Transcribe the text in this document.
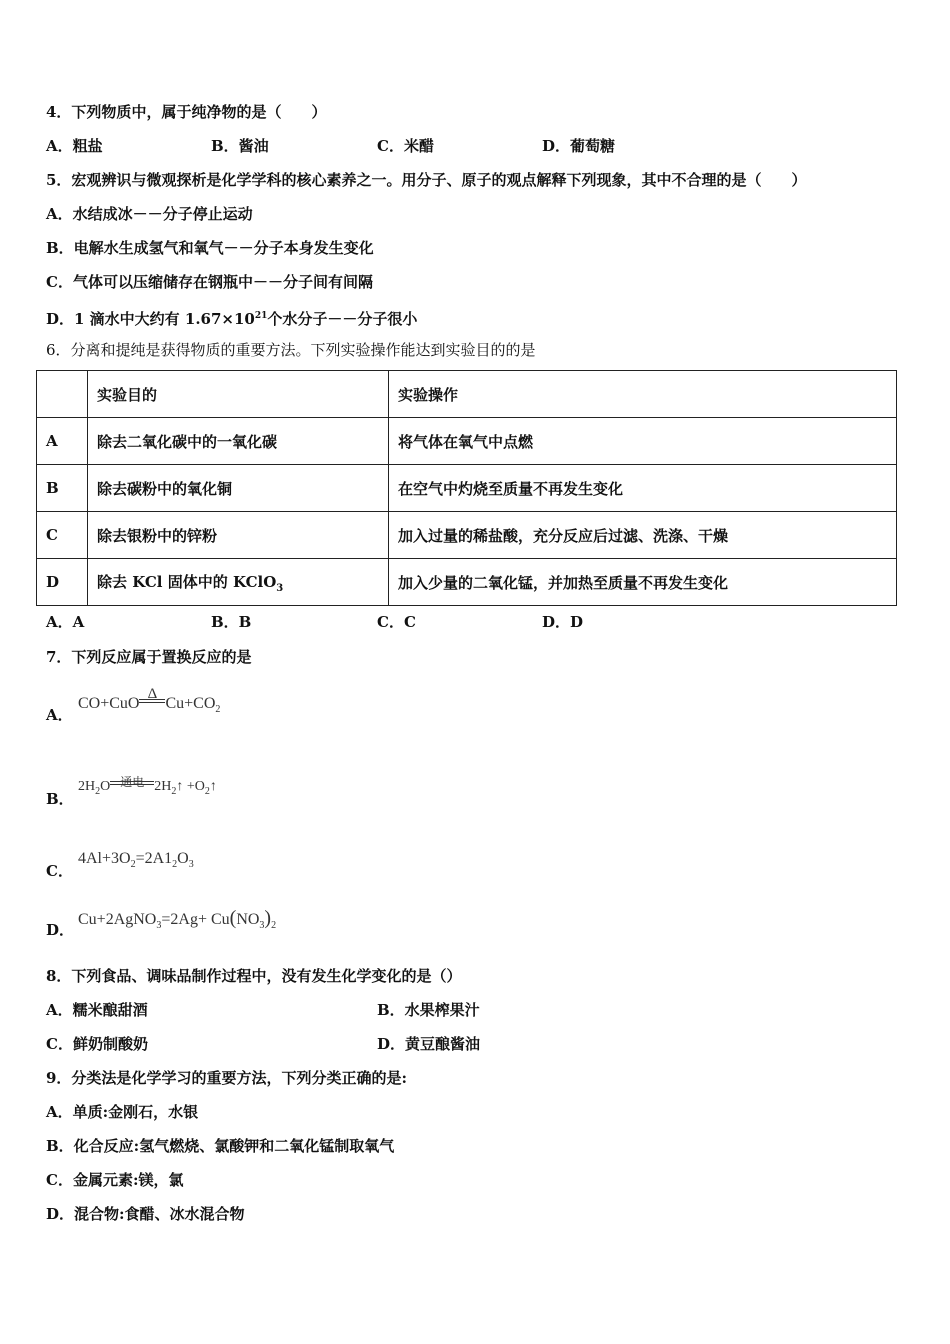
4．下列物质中，属于纯净物的是（　　）
A．粗盐	B．酱油	C．米醋	D．葡萄糖
5．宏观辨识与微观探析是化学学科的核心素养之一。用分子、原子的观点解释下列现象，其中不合理的是（　　）
A．水结成冰－－分子停止运动
B．电解水生成氢气和氧气－－分子本身发生变化
C．气体可以压缩储存在钢瓶中－－分子间有间隔
D．1 滴水中大约有 $1.67\times 10^{21}$个水分子－－分子很小
6．分离和提纯是获得物质的重要方法。下列实验操作能达到实验目的的是
	实验目的	实验操作
A	除去二氧化碳中的一氧化碳	将气体在氧气中点燃
B	除去碳粉中的氧化铜	在空气中灼烧至质量不再发生变化
C	除去银粉中的锌粉	加入过量的稀盐酸，充分反应后过滤、洗涤、干燥
D	除去 KCl 固体中的 KClO$_3$	加入少量的二氧化锰，并加热至质量不再发生变化
A．A	B．B	C．C	D．D
7．下列反应属于置换反应的是
A．
CO+CuO
Δ
$Cu+CO_2$
B．
$2H_2O$ 通电 $2H_2↑$ $+O_2↑$
C．
$4Al+3O_2=2A1_2O_3$
D．
Cu+2AgNO$_3$=2Ag+ $Cu(NO_3)_2$
8．下列食品、调味品制作过程中，没有发生化学变化的是（）
A．糯米酿甜酒	B．水果榨果汁
C．鲜奶制酸奶	D．黄豆酿酱油
9．分类法是化学学习的重要方法，下列分类正确的是:
A．单质:金刚石，水银
B．化合反应:氢气燃烧、氯酸钾和二氧化锰制取氧气
C．金属元素:镁，氯
D．混合物:食醋、冰水混合物
